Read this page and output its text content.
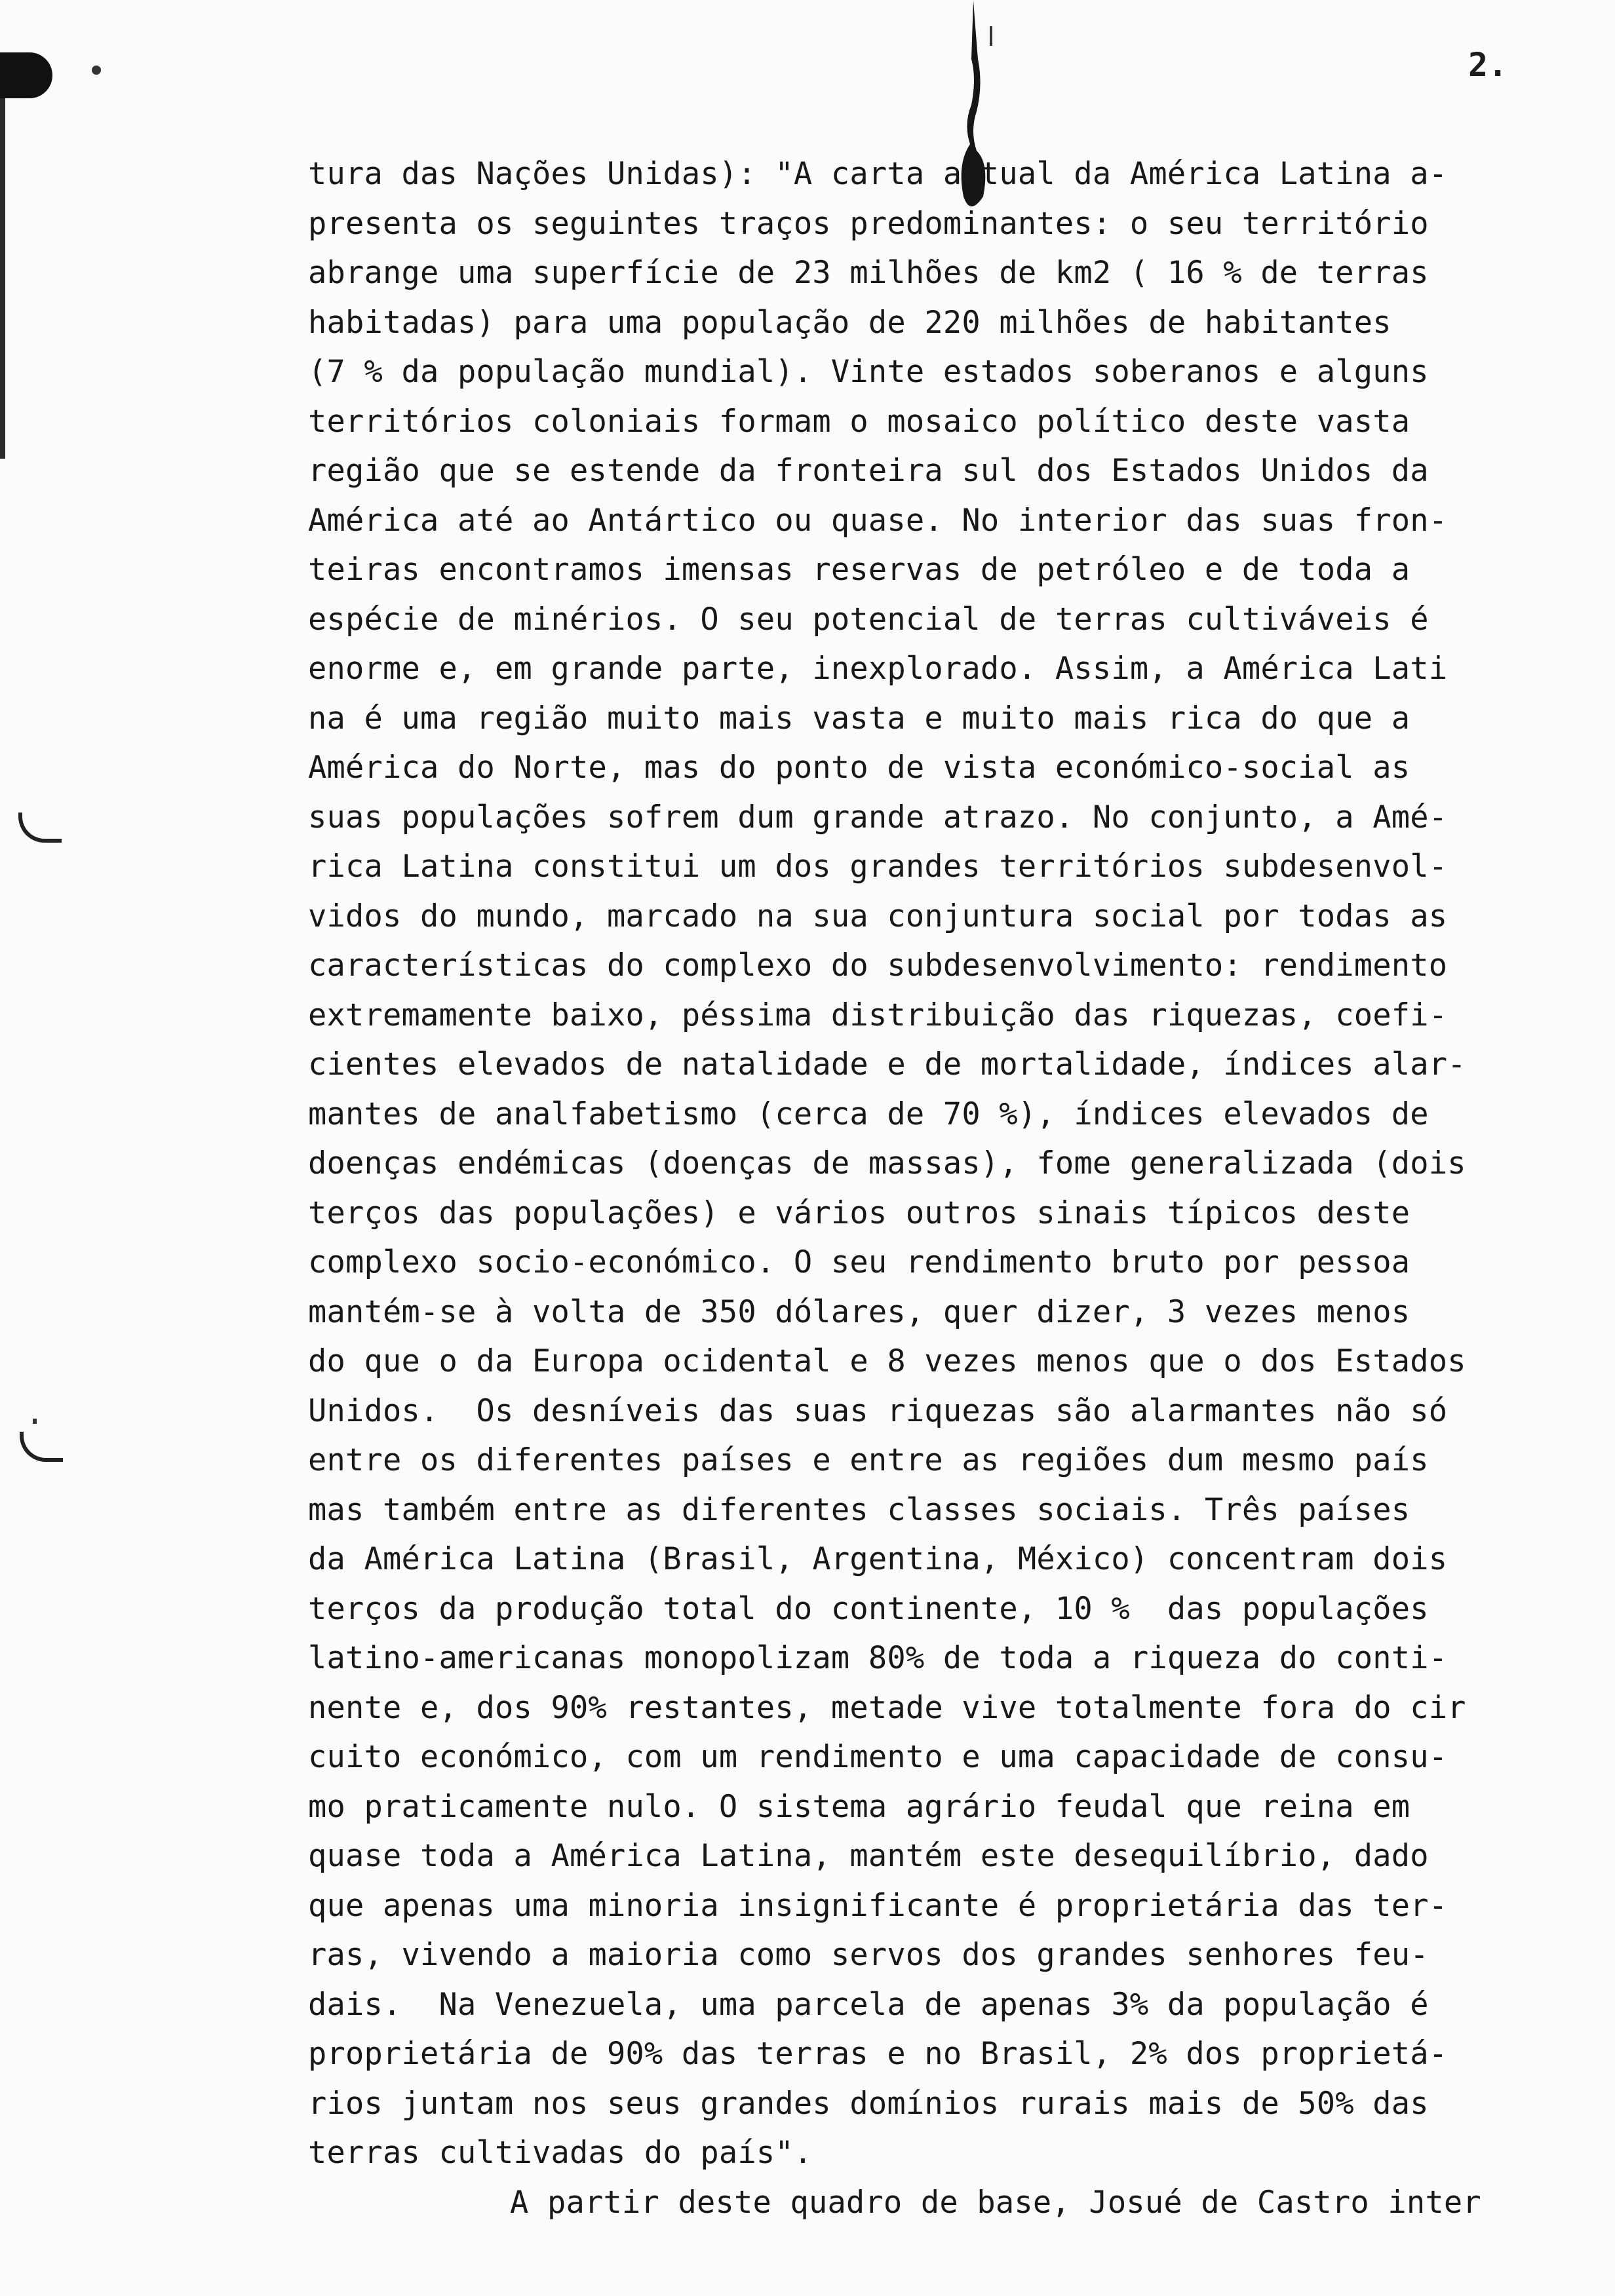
2.
tura das Nações Unidas): "A carta actual da América Latina a-
presenta os seguintes traços predominantes: o seu território
abrange uma superfície de 23 milhões de km2 ( 16 % de terras
habitadas) para uma população de 220 milhões de habitantes
(7 % da população mundial). Vinte estados soberanos e alguns
territórios coloniais formam o mosaico político deste vasta
região que se estende da fronteira sul dos Estados Unidos da
América até ao Antártico ou quase. No interior das suas fron-
teiras encontramos imensas reservas de petróleo e de toda a
espécie de minérios. O seu potencial de terras cultiváveis é
enorme e, em grande parte, inexplorado. Assim, a América Lati
na é uma região muito mais vasta e muito mais rica do que a
América do Norte, mas do ponto de vista económico-social as
suas populações sofrem dum grande atrazo. No conjunto, a Amé-
rica Latina constitui um dos grandes territórios subdesenvol-
vidos do mundo, marcado na sua conjuntura social por todas as
características do complexo do subdesenvolvimento: rendimento
extremamente baixo, péssima distribuição das riquezas, coefi-
cientes elevados de natalidade e de mortalidade, índices alar-
mantes de analfabetismo (cerca de 70 %), índices elevados de
doenças endémicas (doenças de massas), fome generalizada (dois
terços das populações) e vários outros sinais típicos deste
complexo socio-económico. O seu rendimento bruto por pessoa
mantém-se à volta de 350 dólares, quer dizer, 3 vezes menos
do que o da Europa ocidental e 8 vezes menos que o dos Estados
Unidos.  Os desníveis das suas riquezas são alarmantes não só
entre os diferentes países e entre as regiões dum mesmo país
mas também entre as diferentes classes sociais. Três países
da América Latina (Brasil, Argentina, México) concentram dois
terços da produção total do continente, 10 %  das populações
latino-americanas monopolizam 80% de toda a riqueza do conti-
nente e, dos 90% restantes, metade vive totalmente fora do cir
cuito económico, com um rendimento e uma capacidade de consu-
mo praticamente nulo. O sistema agrário feudal que reina em
quase toda a América Latina, mantém este desequilíbrio, dado
que apenas uma minoria insignificante é proprietária das ter-
ras, vivendo a maioria como servos dos grandes senhores feu-
dais.  Na Venezuela, uma parcela de apenas 3% da população é
proprietária de 90% das terras e no Brasil, 2% dos proprietá-
rios juntam nos seus grandes domínios rurais mais de 50% das
terras cultivadas do país".
A partir deste quadro de base, Josué de Castro inter
